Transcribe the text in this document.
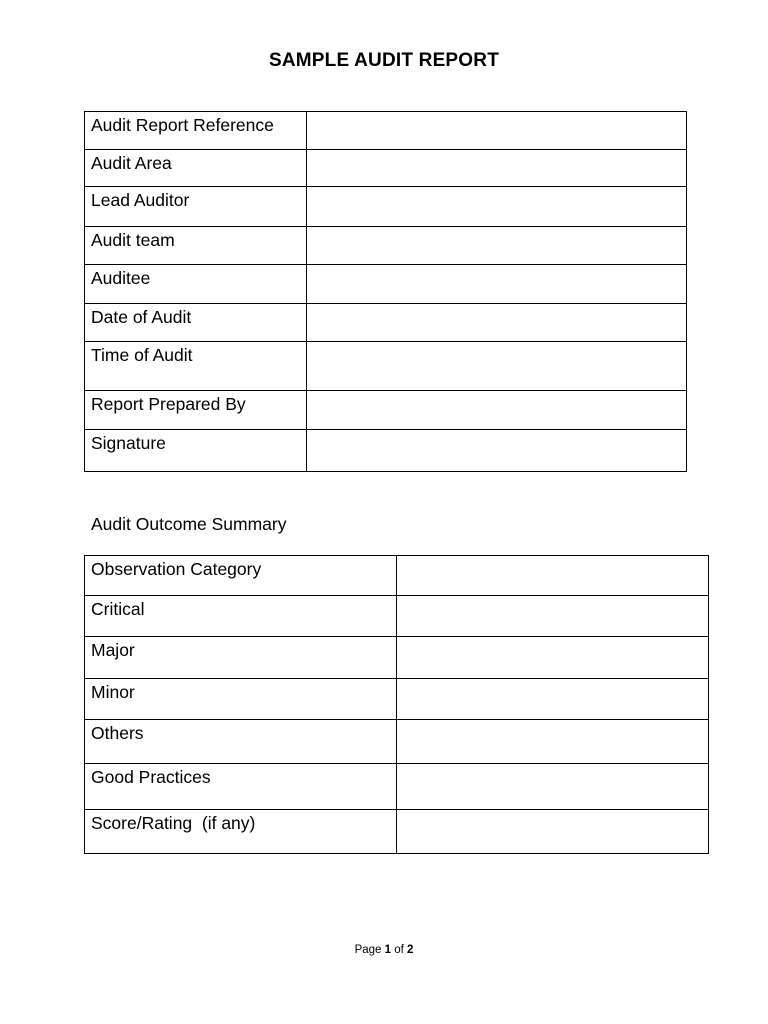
SAMPLE AUDIT REPORT
Audit Report Reference	
Audit Area	
Lead Auditor	
Audit team	
Auditee	
Date of Audit	
Time of Audit	
Report Prepared By	
Signature	
Audit Outcome Summary
Observation Category	
Critical	
Major	
Minor	
Others	
Good Practices	
Score/Rating  (if any)	
Page 1 of 2
